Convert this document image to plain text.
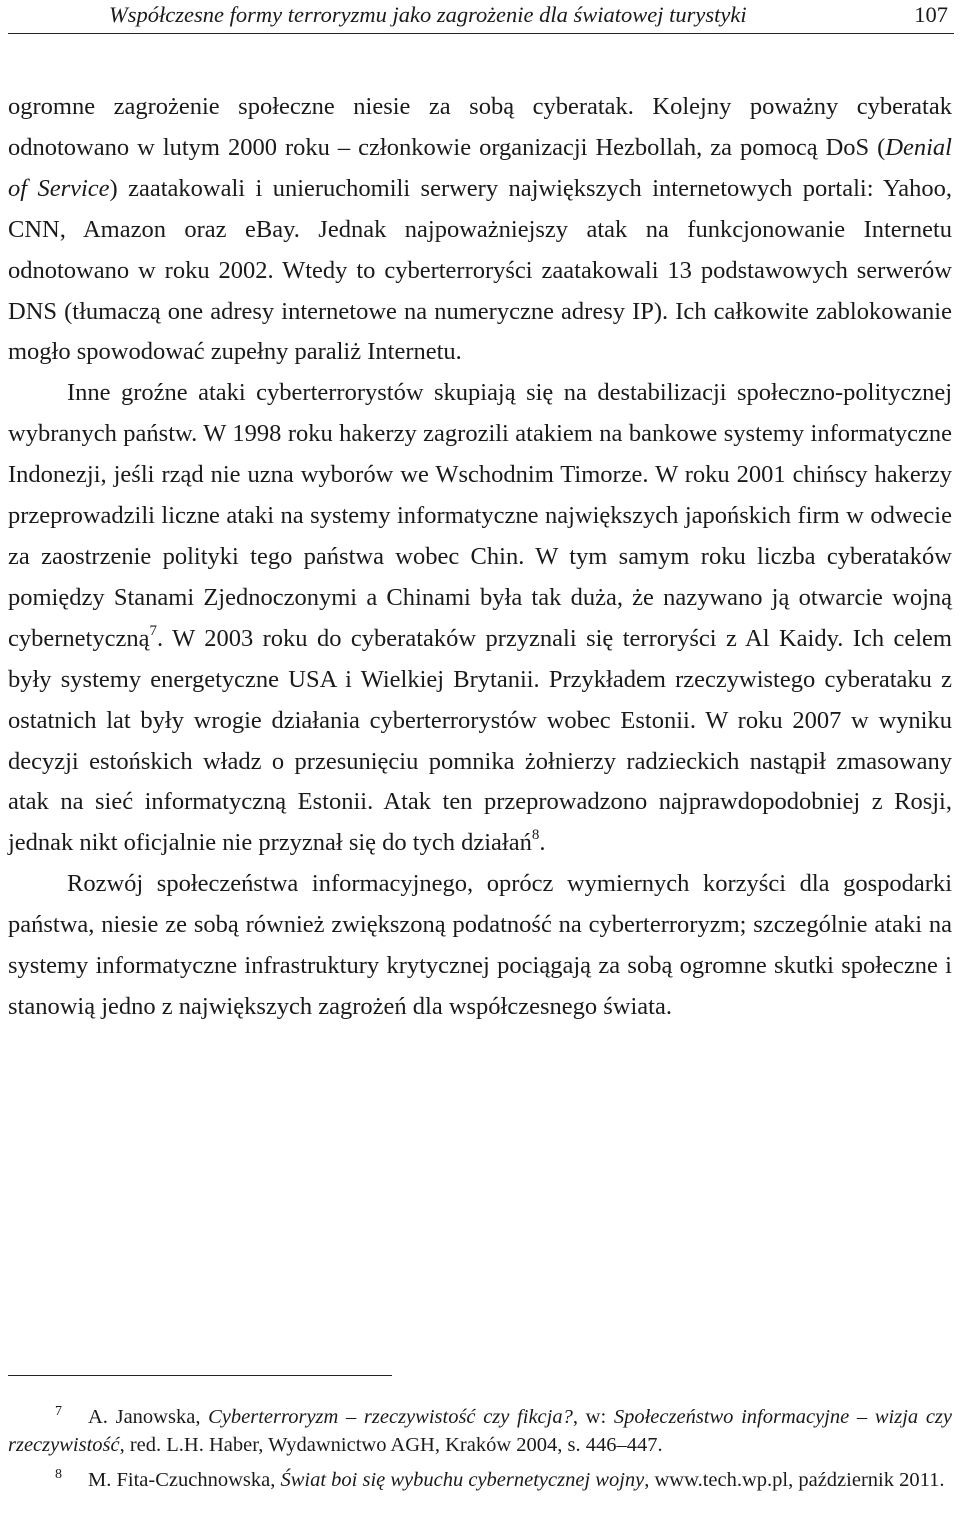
Współczesne formy terroryzmu jako zagrożenie dla światowej turystyki	107

ogromne zagrożenie społeczne niesie za sobą cyberatak. Kolejny poważny cyberatak odnotowano w lutym 2000 roku – członkowie organizacji Hezbollah, za pomocą DoS (Denial of Service) zaatakowali i unieruchomili serwery największych internetowych portali: Yahoo, CNN, Amazon oraz eBay. Jednak najpoważniejszy atak na funkcjonowanie Internetu odnotowano w roku 2002. Wtedy to cyberterroryści zaatakowali 13 podstawowych serwerów DNS (tłumaczą one adresy internetowe na numeryczne adresy IP). Ich całkowite zablokowanie mogło spowodować zupełny paraliż Internetu.

Inne groźne ataki cyberterrorystów skupiają się na destabilizacji społeczno-politycznej wybranych państw. W 1998 roku hakerzy zagrozili atakiem na bankowe systemy informatyczne Indonezji, jeśli rząd nie uzna wyborów we Wschodnim Timorze. W roku 2001 chińscy hakerzy przeprowadzili liczne ataki na systemy informatyczne największych japońskich firm w odwecie za zaostrzenie polityki tego państwa wobec Chin. W tym samym roku liczba cyberataków pomiędzy Stanami Zjednoczonymi a Chinami była tak duża, że nazywano ją otwarcie wojną cybernetyczną$^7$. W 2003 roku do cyberataków przyznali się terroryści z Al Kaidy. Ich celem były systemy energetyczne USA i Wielkiej Brytanii. Przykładem rzeczywistego cyberataku z ostatnich lat były wrogie działania cyberterrorystów wobec Estonii. W roku 2007 w wyniku decyzji estońskich władz o przesunięciu pomnika żołnierzy radzieckich nastąpił zmasowany atak na sieć informatyczną Estonii. Atak ten przeprowadzono najprawdopodobniej z Rosji, jednak nikt oficjalnie nie przyznał się do tych działań$^8$.

Rozwój społeczeństwa informacyjnego, oprócz wymiernych korzyści dla gospodarki państwa, niesie ze sobą również zwiększoną podatność na cyberterroryzm; szczególnie ataki na systemy informatyczne infrastruktury krytycznej pociągają za sobą ogromne skutki społeczne i stanowią jedno z największych zagrożeń dla współczesnego świata.

7 A. Janowska, Cyberterroryzm – rzeczywistość czy fikcja?, w: Społeczeństwo informacyjne – wizja czy rzeczywistość, red. L.H. Haber, Wydawnictwo AGH, Kraków 2004, s. 446–447.

8 M. Fita-Czuchnowska, Świat boi się wybuchu cybernetycznej wojny, www.tech.wp.pl, październik 2011.
